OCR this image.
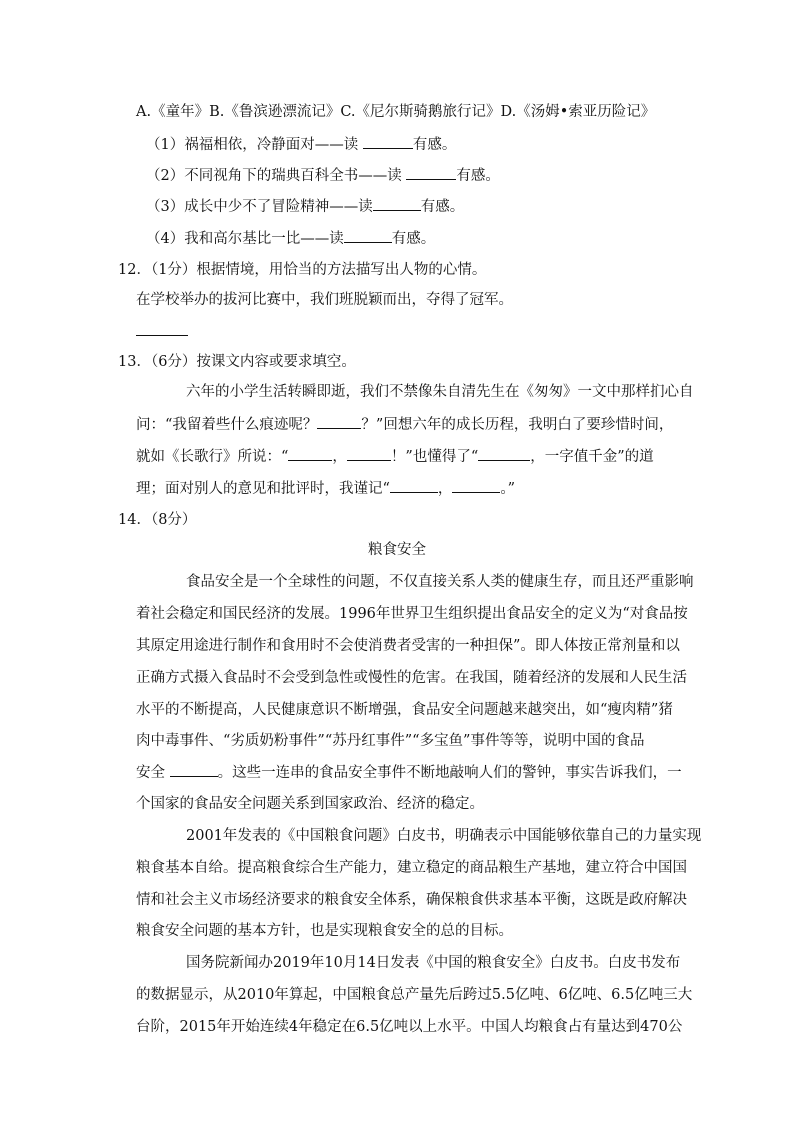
A.《童年》B.《鲁滨逊漂流记》C.《尼尔斯骑鹅旅行记》D.《汤姆•索亚历险记》
（1）祸福相依，冷静面对——读	有感。
（2）不同视角下的瑞典百科全书——读	有感。
（3）成长中少不了冒险精神——读	有感。
（4）我和高尔基比一比——读	有感。
12．（1分）根据情境，用恰当的方法描写出人物的心情。
在学校举办的拔河比赛中，我们班脱颖而出，夺得了冠军。
13．（6分）按课文内容或要求填空。
六年的小学生活转瞬即逝，我们不禁像朱自清先生在《匆匆》一文中那样扪心自
问：“我留着些什么痕迹呢？	？”回想六年的成长历程，我明白了要珍惜时间，
就如《长歌行》所说：“	，	！”也懂得了“	，一字值千金”的道
理；面对别人的意见和批评时，我谨记“	，	。”
14．（8分）
粮食安全
食品安全是一个全球性的问题，不仅直接关系人类的健康生存，而且还严重影响
着社会稳定和国民经济的发展。1996年世界卫生组织提出食品安全的定义为“对食品按
其原定用途进行制作和食用时不会使消费者受害的一种担保”。即人体按正常剂量和以
正确方式摄入食品时不会受到急性或慢性的危害。在我国，随着经济的发展和人民生活
水平的不断提高，人民健康意识不断增强，食品安全问题越来越突出，如“瘦肉精”猪
肉中毒事件、“劣质奶粉事件”“苏丹红事件”“多宝鱼”事件等等，说明中国的食品
安全	。这些一连串的食品安全事件不断地敲响人们的警钟，事实告诉我们，一
个国家的食品安全问题关系到国家政治、经济的稳定。
2001年发表的《中国粮食问题》白皮书，明确表示中国能够依靠自己的力量实现
粮食基本自给。提高粮食综合生产能力，建立稳定的商品粮生产基地，建立符合中国国
情和社会主义市场经济要求的粮食安全体系，确保粮食供求基本平衡，这既是政府解决
粮食安全问题的基本方针，也是实现粮食安全的总的目标。
国务院新闻办2019年10月14日发表《中国的粮食安全》白皮书。白皮书发布
的数据显示，从2010年算起，中国粮食总产量先后跨过5.5亿吨、6亿吨、6.5亿吨三大
台阶，2015年开始连续4年稳定在6.5亿吨以上水平。中国人均粮食占有量达到470公
